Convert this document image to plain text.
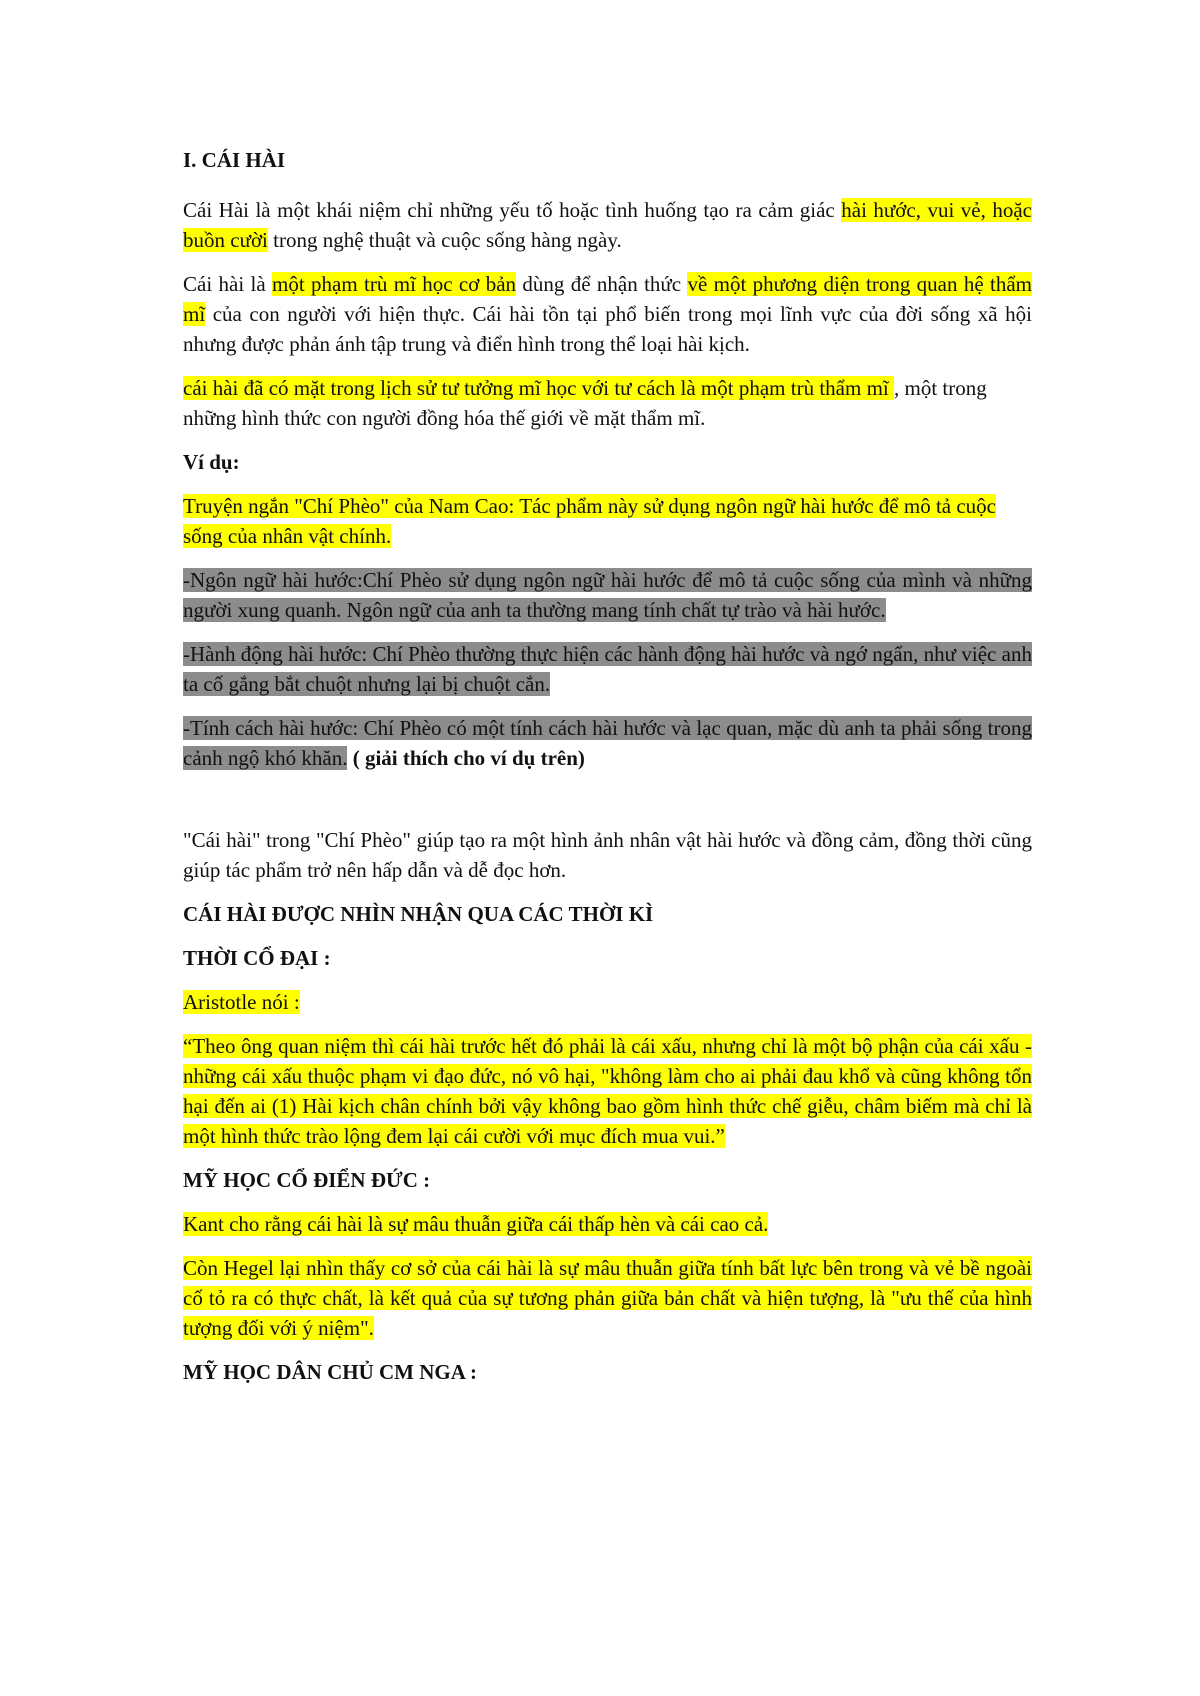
I. CÁI HÀI

Cái Hài là một khái niệm chỉ những yếu tố hoặc tình huống tạo ra cảm giác hài hước, vui vẻ, hoặc buồn cười trong nghệ thuật và cuộc sống hàng ngày.

Cái hài là một phạm trù mĩ học cơ bản dùng để nhận thức về một phương diện trong quan hệ thẩm mĩ của con người với hiện thực. Cái hài tồn tại phổ biến trong mọi lĩnh vực của đời sống xã hội nhưng được phản ánh tập trung và điển hình trong thể loại hài kịch.

cái hài đã có mặt trong lịch sử tư tưởng mĩ học với tư cách là một phạm trù thẩm mĩ , một trong những hình thức con người đồng hóa thế giới về mặt thẩm mĩ.

Ví dụ:

Truyện ngắn "Chí Phèo" của Nam Cao: Tác phẩm này sử dụng ngôn ngữ hài hước để mô tả cuộc sống của nhân vật chính.

-Ngôn ngữ hài hước:Chí Phèo sử dụng ngôn ngữ hài hước để mô tả cuộc sống của mình và những người xung quanh. Ngôn ngữ của anh ta thường mang tính chất tự trào và hài hước.

-Hành động hài hước: Chí Phèo thường thực hiện các hành động hài hước và ngớ ngẩn, như việc anh ta cố gắng bắt chuột nhưng lại bị chuột cắn.

-Tính cách hài hước: Chí Phèo có một tính cách hài hước và lạc quan, mặc dù anh ta phải sống trong cảnh ngộ khó khăn. ( giải thích cho ví dụ trên)

"Cái hài" trong "Chí Phèo" giúp tạo ra một hình ảnh nhân vật hài hước và đồng cảm, đồng thời cũng giúp tác phẩm trở nên hấp dẫn và dễ đọc hơn.

CÁI HÀI ĐƯỢC NHÌN NHẬN QUA CÁC THỜI KÌ

THỜI CỔ ĐẠI :

Aristotle nói :

“Theo ông quan niệm thì cái hài trước hết đó phải là cái xấu, nhưng chỉ là một bộ phận của cái xấu - những cái xấu thuộc phạm vi đạo đức, nó vô hại, "không làm cho ai phải đau khổ và cũng không tổn hại đến ai (1) Hài kịch chân chính bởi vậy không bao gồm hình thức chế giễu, châm biếm mà chỉ là một hình thức trào lộng đem lại cái cười với mục đích mua vui.”

MỸ HỌC CỔ ĐIỂN ĐỨC :

Kant cho rằng cái hài là sự mâu thuẫn giữa cái thấp hèn và cái cao cả.

Còn Hegel lại nhìn thấy cơ sở của cái hài là sự mâu thuẫn giữa tính bất lực bên trong và vẻ bề ngoài cố tỏ ra có thực chất, là kết quả của sự tương phản giữa bản chất và hiện tượng, là "ưu thế của hình tượng đối với ý niệm".

MỸ HỌC DÂN CHỦ CM NGA :
